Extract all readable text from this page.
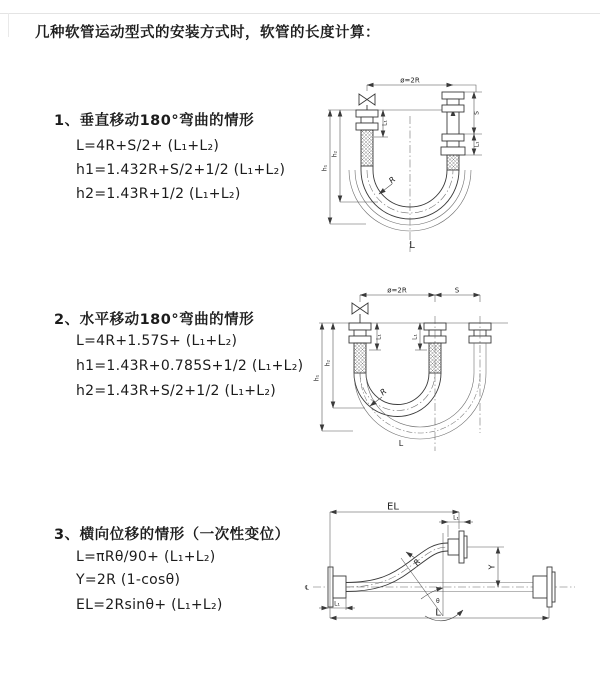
几种软管运动型式的安装方式时，软管的长度计算：
1、垂直移动180°弯曲的情形
L=4R+S/2+ (L₁+L₂)
h1=1.432R+S/2+1/2 (L₁+L₂)
h2=1.43R+1/2 (L₁+L₂)
2、水平移动180°弯曲的情形
L=4R+1.57S+ (L₁+L₂)
h1=1.43R+0.785S+1/2 (L₁+L₂)
h2=1.43R+S/2+1/2 (L₁+L₂)
3、横向位移的情形（一次性变位）
L=πRθ/90+ (L₁+L₂)
Y=2R (1-cosθ)
EL=2Rsinθ+ (L₁+L₂)
ø=2R
L₁
S
L₁
h₂
h₁
R
L
ø=2R	S
L₁	L₁
h₂
h₁
R
L
℄
θ
R
EL
L₁
Y
L
L₁
